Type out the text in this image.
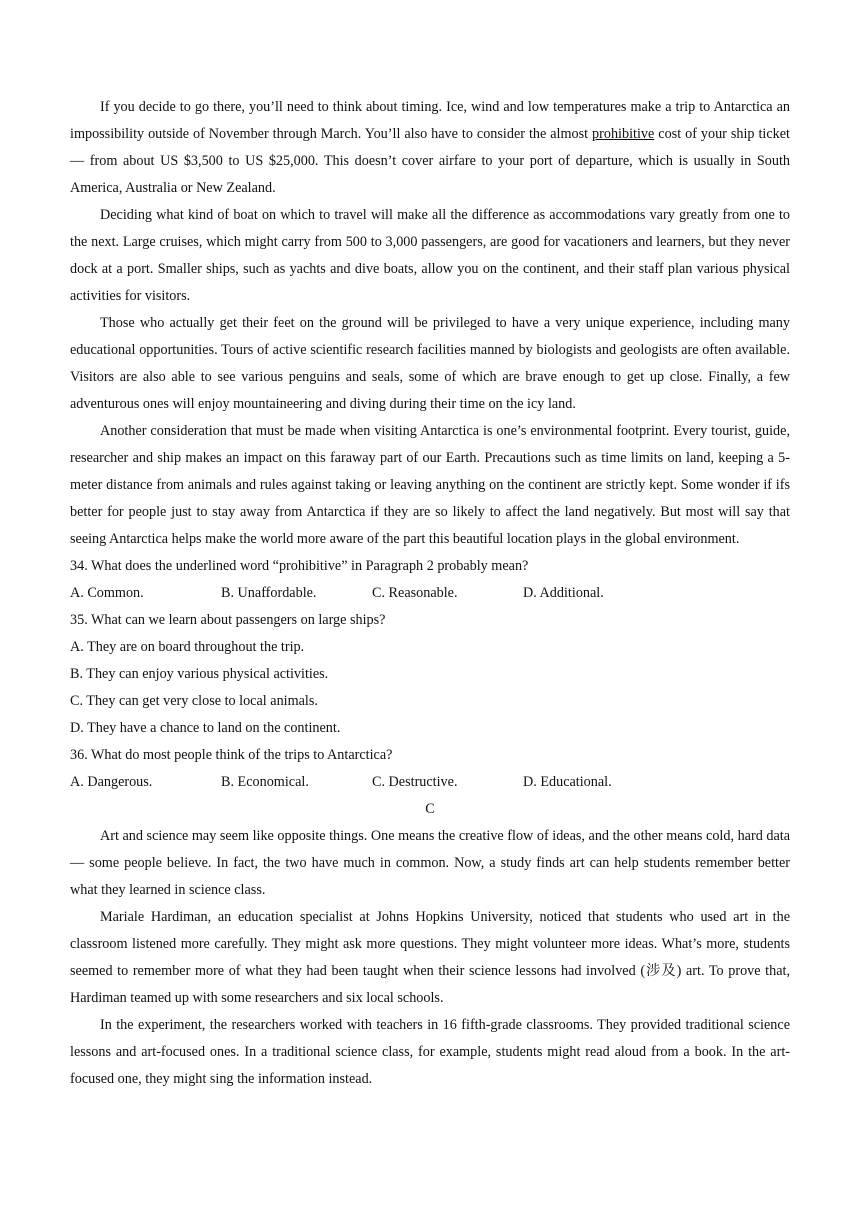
If you decide to go there, you’ll need to think about timing. Ice, wind and low temperatures make a trip to Antarctica an impossibility outside of November through March. You’ll also have to consider the almost prohibitive cost of your ship ticket— from about US $3,500 to US $25,000. This doesn’t cover airfare to your port of departure, which is usually in South America, Australia or New Zealand.

Deciding what kind of boat on which to travel will make all the difference as accommodations vary greatly from one to the next. Large cruises, which might carry from 500 to 3,000 passengers, are good for vacationers and learners, but they never dock at a port. Smaller ships, such as yachts and dive boats, allow you on the continent, and their staff plan various physical activities for visitors.

Those who actually get their feet on the ground will be privileged to have a very unique experience, including many educational opportunities. Tours of active scientific research facilities manned by biologists and geologists are often available. Visitors are also able to see various penguins and seals, some of which are brave enough to get up close. Finally, a few adventurous ones will enjoy mountaineering and diving during their time on the icy land.

Another consideration that must be made when visiting Antarctica is one’s environmental footprint. Every tourist, guide, researcher and ship makes an impact on this faraway part of our Earth. Precautions such as time limits on land, keeping a 5-meter distance from animals and rules against taking or leaving anything on the continent are strictly kept. Some wonder if ifs better for people just to stay away from Antarctica if they are so likely to affect the land negatively. But most will say that seeing Antarctica helps make the world more aware of the part this beautiful location plays in the global environment.

34. What does the underlined word “prohibitive” in Paragraph 2 probably mean?

A. Common.	B. Unaffordable.	C. Reasonable.	D. Additional.

35. What can we learn about passengers on large ships?

A. They are on board throughout the trip.

B. They can enjoy various physical activities.

C. They can get very close to local animals.

D. They have a chance to land on the continent.

36. What do most people think of the trips to Antarctica?

A. Dangerous.	B. Economical.	C. Destructive.	D. Educational.

C

Art and science may seem like opposite things. One means the creative flow of ideas, and the other means cold, hard data— some people believe. In fact, the two have much in common. Now, a study finds art can help students remember better what they learned in science class.

Mariale Hardiman, an education specialist at Johns Hopkins University, noticed that students who used art in the classroom listened more carefully. They might ask more questions. They might volunteer more ideas. What’s more, students seemed to remember more of what they had been taught when their science lessons had involved (涉及) art. To prove that, Hardiman teamed up with some researchers and six local schools.

In the experiment, the researchers worked with teachers in 16 fifth-grade classrooms. They provided traditional science lessons and art-focused ones. In a traditional science class, for example, students might read aloud from a book. In the art-focused one, they might sing the information instead.
